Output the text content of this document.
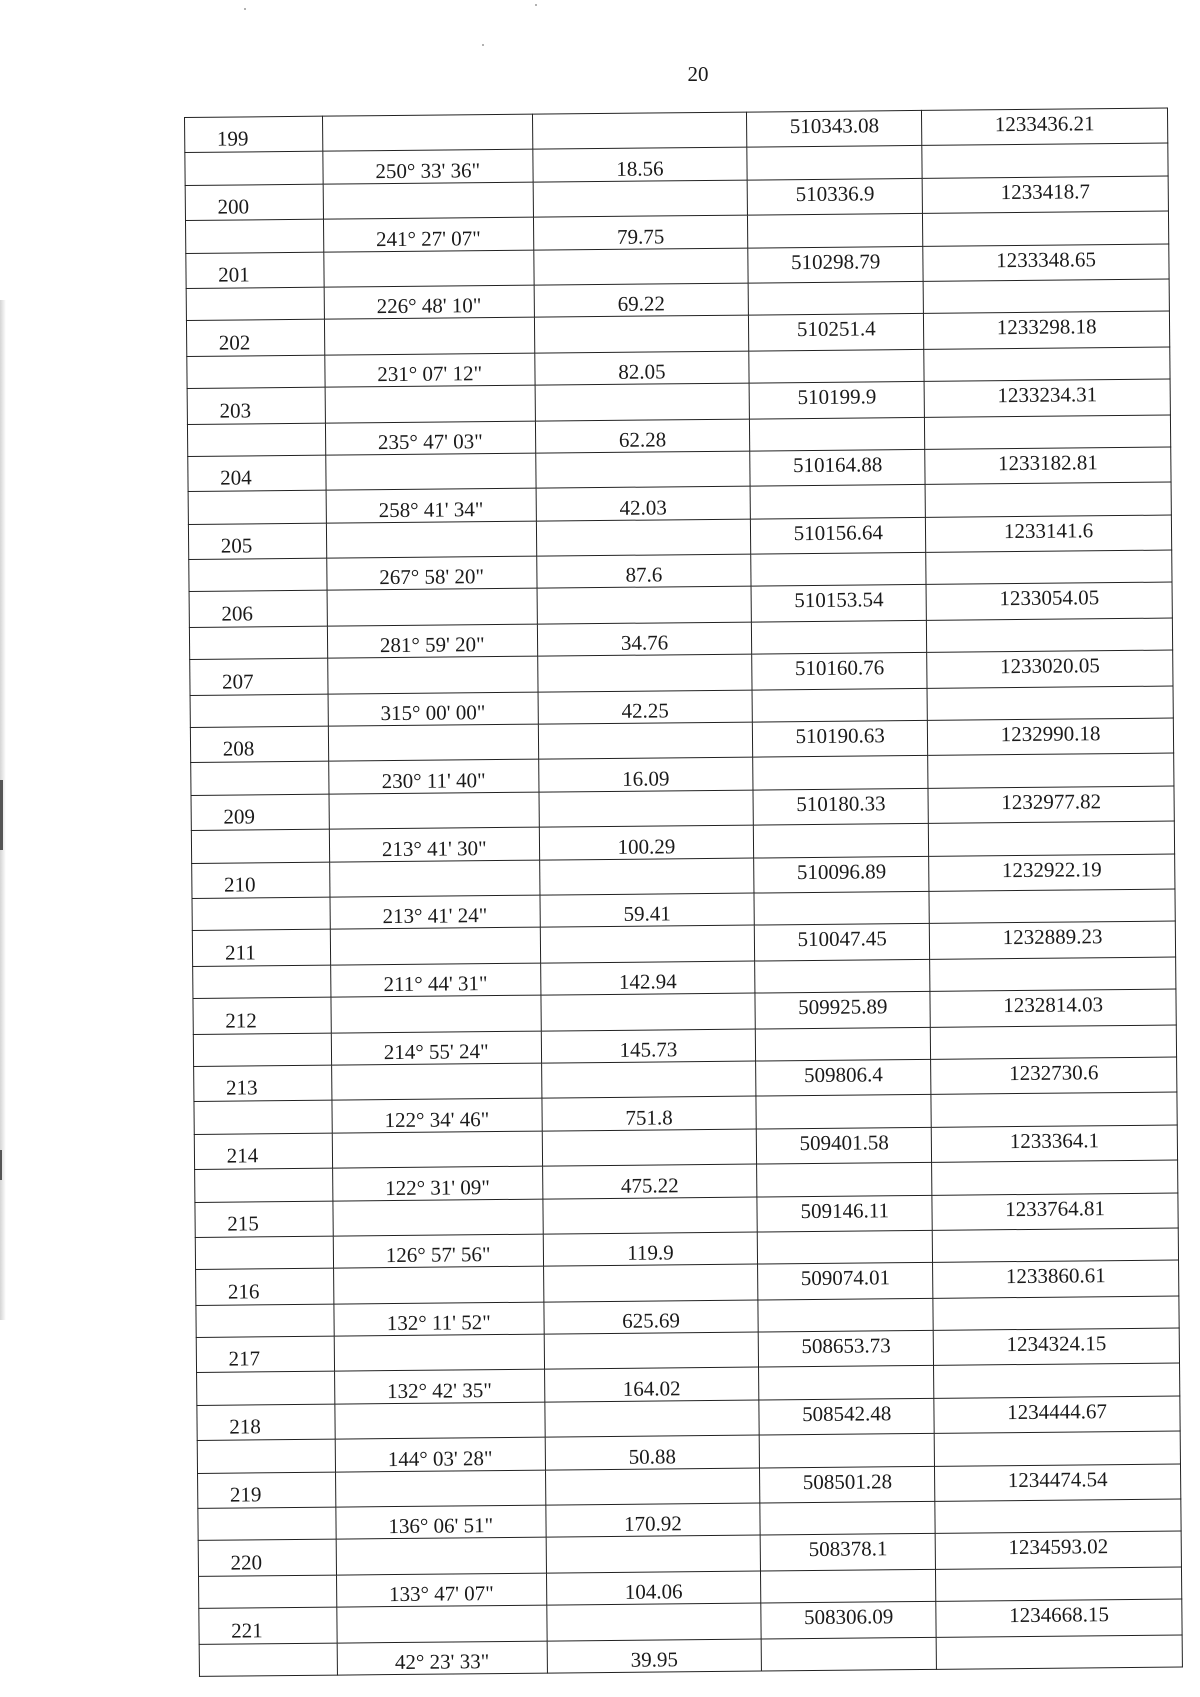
20
199			510343.08	1233436.21
	250° 33' 36"	18.56		
200			510336.9	1233418.7
	241° 27' 07"	79.75		
201			510298.79	1233348.65
	226° 48' 10"	69.22		
202			510251.4	1233298.18
	231° 07' 12"	82.05		
203			510199.9	1233234.31
	235° 47' 03"	62.28		
204			510164.88	1233182.81
	258° 41' 34"	42.03		
205			510156.64	1233141.6
	267° 58' 20"	87.6		
206			510153.54	1233054.05
	281° 59' 20"	34.76		
207			510160.76	1233020.05
	315° 00' 00"	42.25		
208			510190.63	1232990.18
	230° 11' 40"	16.09		
209			510180.33	1232977.82
	213° 41' 30"	100.29		
210			510096.89	1232922.19
	213° 41' 24"	59.41		
211			510047.45	1232889.23
	211° 44' 31"	142.94		
212			509925.89	1232814.03
	214° 55' 24"	145.73		
213			509806.4	1232730.6
	122° 34' 46"	751.8		
214			509401.58	1233364.1
	122° 31' 09"	475.22		
215			509146.11	1233764.81
	126° 57' 56"	119.9		
216			509074.01	1233860.61
	132° 11' 52"	625.69		
217			508653.73	1234324.15
	132° 42' 35"	164.02		
218			508542.48	1234444.67
	144° 03' 28"	50.88		
219			508501.28	1234474.54
	136° 06' 51"	170.92		
220			508378.1	1234593.02
	133° 47' 07"	104.06		
221			508306.09	1234668.15
	42° 23' 33"	39.95		
